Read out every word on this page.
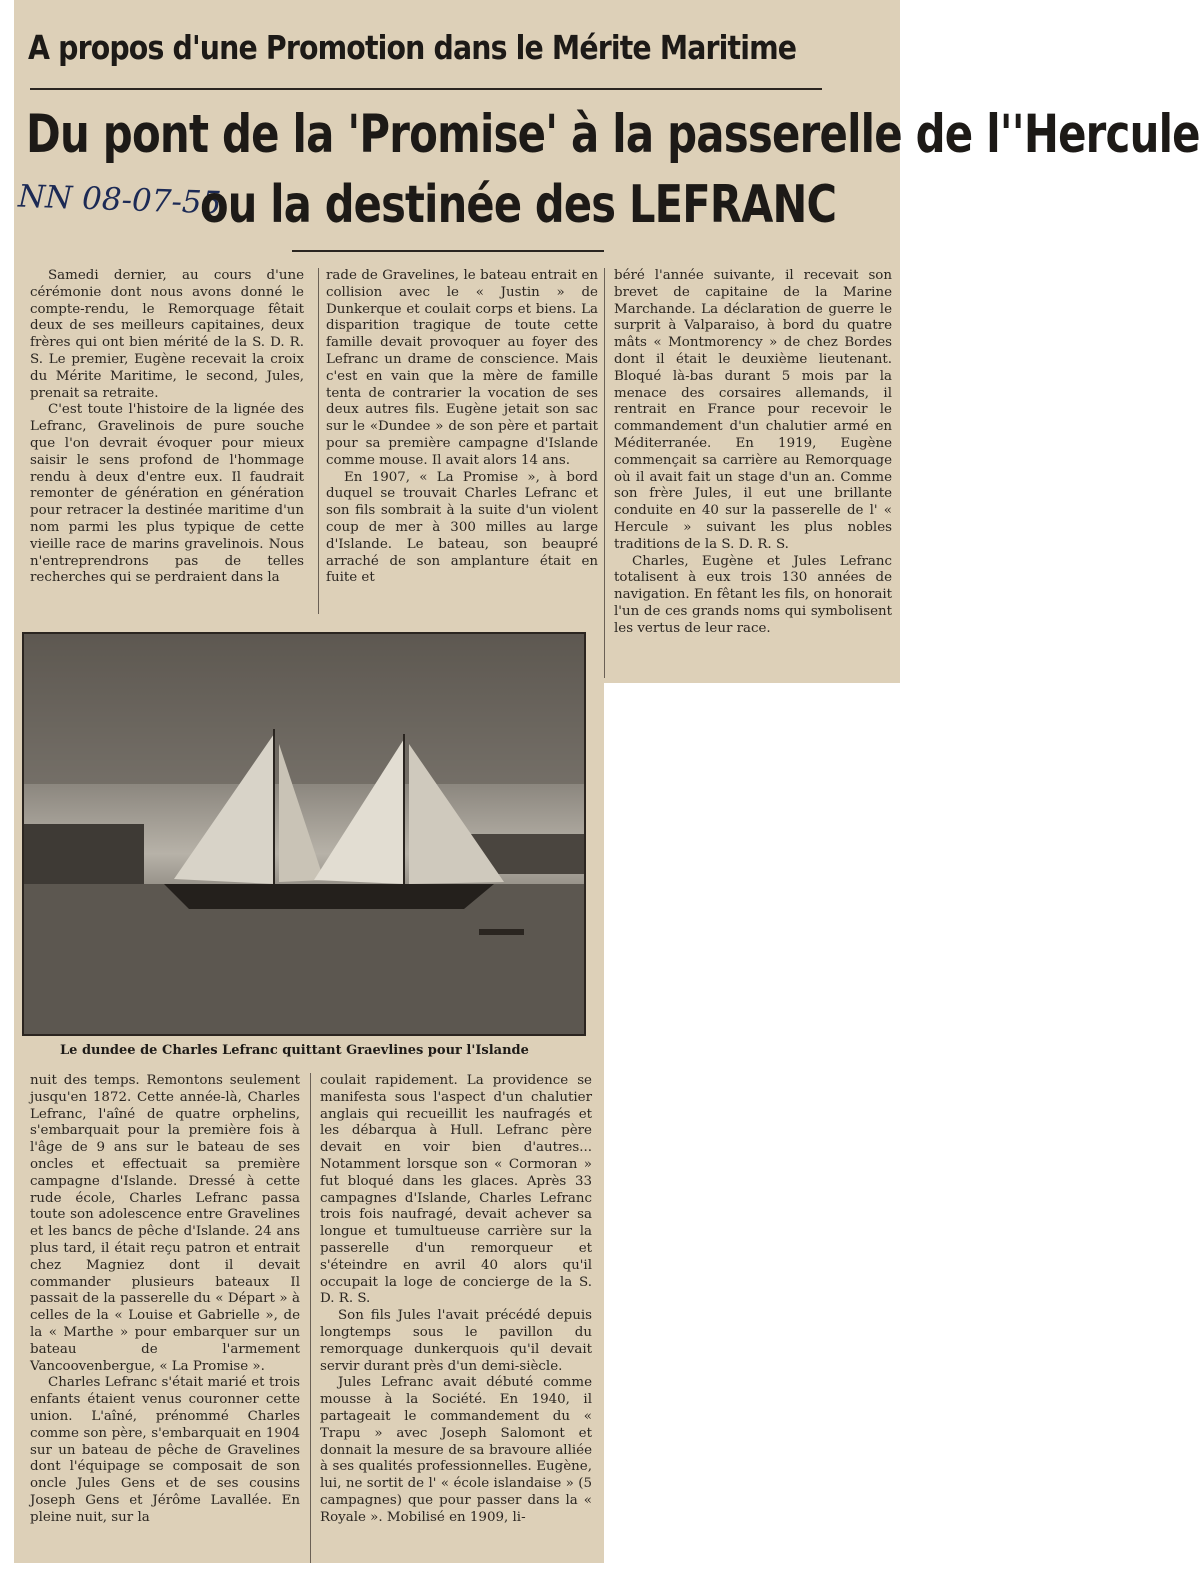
A propos d'une Promotion dans le Mérite Maritime
Du pont de la 'Promise' à la passerelle de l''Hercule
NN 08-07-55
ou la destinée des LEFRANC

Samedi dernier, au cours d'une cérémonie dont nous avons donné le compte-rendu, le Remorquage fêtait deux de ses meilleurs capitaines, deux frères qui ont bien mérité de la S. D. R. S. Le premier, Eugène recevait la croix du Mérite Maritime, le second, Jules, prenait sa retraite.

C'est toute l'histoire de la lignée des Lefranc, Gravelinois de pure souche que l'on devrait évoquer pour mieux saisir le sens profond de l'hommage rendu à deux d'entre eux. Il faudrait remonter de génération en génération pour retracer la destinée maritime d'un nom parmi les plus typique de cette vieille race de marins gravelinois. Nous n'entreprendrons pas de telles recherches qui se perdraient dans la

rade de Gravelines, le bateau entrait en collision avec le « Justin » de Dunkerque et coulait corps et biens. La disparition tragique de toute cette famille devait provoquer au foyer des Lefranc un drame de conscience. Mais c'est en vain que la mère de famille tenta de contrarier la vocation de ses deux autres fils. Eugène jetait son sac sur le «Dundee » de son père et partait pour sa première campagne d'Islande comme mouse. Il avait alors 14 ans.

En 1907, « La Promise », à bord duquel se trouvait Charles Lefranc et son fils sombrait à la suite d'un violent coup de mer à 300 milles au large d'Islande. Le bateau, son beaupré arraché de son amplanture était en fuite et

béré l'année suivante, il recevait son brevet de capitaine de la Marine Marchande. La déclaration de guerre le surprit à Valparaiso, à bord du quatre mâts « Montmorency » de chez Bordes dont il était le deuxième lieutenant. Bloqué là-bas durant 5 mois par la menace des corsaires allemands, il rentrait en France pour recevoir le commandement d'un chalutier armé en Méditerranée. En 1919, Eugène commençait sa carrière au Remorquage où il avait fait un stage d'un an. Comme son frère Jules, il eut une brillante conduite en 40 sur la passerelle de l' « Hercule » suivant les plus nobles traditions de la S. D. R. S.

Charles, Eugène et Jules Lefranc totalisent à eux trois 130 années de navigation. En fêtant les fils, on honorait l'un de ces grands noms qui symbolisent les vertus de leur race.

Le dundee de Charles Lefranc quittant Graevlines pour l'Islande

nuit des temps. Remontons seulement jusqu'en 1872. Cette année-là, Charles Lefranc, l'aîné de quatre orphelins, s'embarquait pour la première fois à l'âge de 9 ans sur le bateau de ses oncles et effectuait sa première campagne d'Islande. Dressé à cette rude école, Charles Lefranc passa toute son adolescence entre Gravelines et les bancs de pêche d'Islande. 24 ans plus tard, il était reçu patron et entrait chez Magniez dont il devait commander plusieurs bateaux Il passait de la passerelle du « Départ » à celles de la « Louise et Gabrielle », de la « Marthe » pour embarquer sur un bateau de l'armement Vancoovenbergue, « La Promise ».

Charles Lefranc s'était marié et trois enfants étaient venus couronner cette union. L'aîné, prénommé Charles comme son père, s'embarquait en 1904 sur un bateau de pêche de Gravelines dont l'équipage se composait de son oncle Jules Gens et de ses cousins Joseph Gens et Jérôme Lavallée. En pleine nuit, sur la

coulait rapidement. La providence se manifesta sous l'aspect d'un chalutier anglais qui recueillit les naufragés et les débarqua à Hull. Lefranc père devait en voir bien d'autres... Notamment lorsque son « Cormoran » fut bloqué dans les glaces. Après 33 campagnes d'Islande, Charles Lefranc trois fois naufragé, devait achever sa longue et tumultueuse carrière sur la passerelle d'un remorqueur et s'éteindre en avril 40 alors qu'il occupait la loge de concierge de la S. D. R. S.

Son fils Jules l'avait précédé depuis longtemps sous le pavillon du remorquage dunkerquois qu'il devait servir durant près d'un demi-siècle.

Jules Lefranc avait débuté comme mousse à la Société. En 1940, il partageait le commandement du « Trapu » avec Joseph Salomont et donnait la mesure de sa bravoure alliée à ses qualités professionnelles. Eugène, lui, ne sortit de l' « école islandaise » (5 campagnes) que pour passer dans la « Royale ». Mobilisé en 1909, li-
